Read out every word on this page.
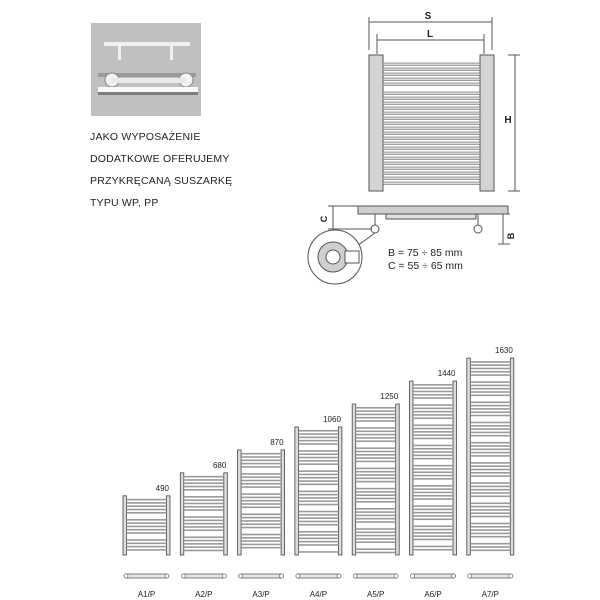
S
L
H
C
B
B = 75 ÷ 85 mm
C = 55 ÷ 65 mm
490
A1/P
680
A2/P
870
A3/P
1060
A4/P
1250
A5/P
1440
A6/P
1630
A7/P
JAKO WYPOSAŻENIE
DODATKOWE OFERUJEMY
PRZYKRĘCANĄ SUSZARKĘ
TYPU WP, PP
